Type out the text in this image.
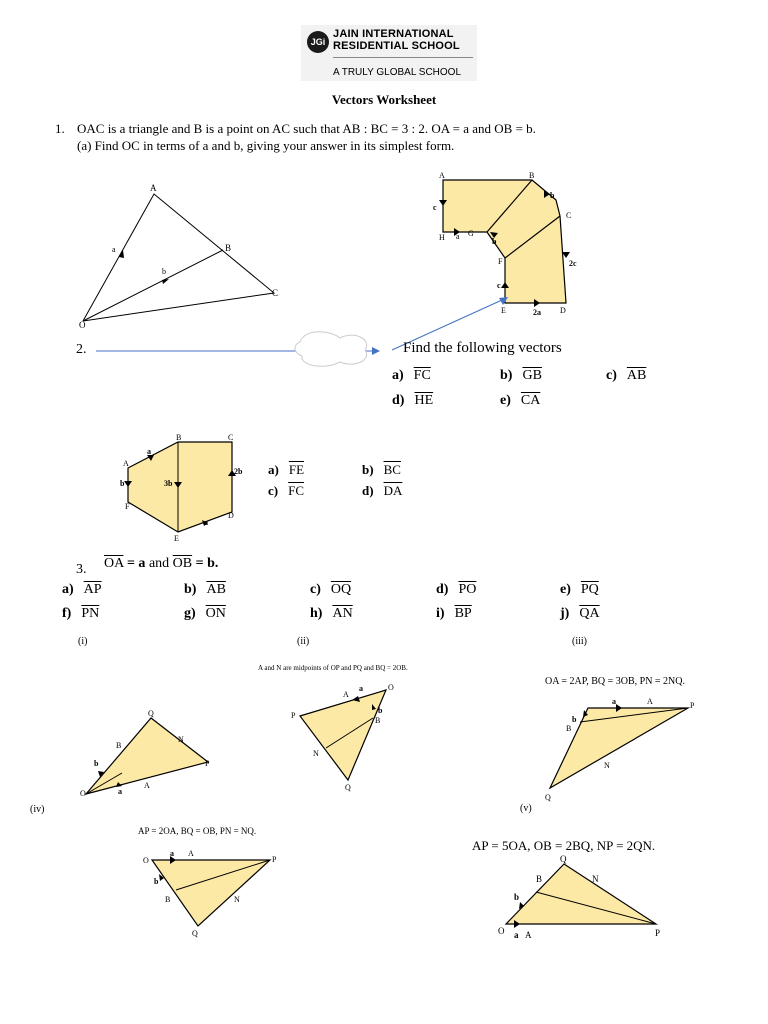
JGi
JAIN INTERNATIONAL
RESIDENTIAL SCHOOL
A TRULY GLOBAL SCHOOL
Vectors Worksheet
1. OAC is a triangle and B is a point on AC such that AB : BC = 3 : 2. OA = a and OB = b.
(a) Find OC in terms of a and b, giving your answer in its simplest form.
A
B
C
O
a
b
A	B
C
D
E
F
G
H a
b
b
c
c
2c
2a
2.	Find the following vectors
a) $\overline{FC}$	b) $\overline{GB}$	c) $\overline{AB}$
d) $\overline{HE}$	e) $\overline{CA}$
B	C
D
E
F
A
a
a
b	3b
2b a) $\overline{FE}$	b) $\overline{BC}$
c) $\overline{FC}$	d) $\overline{DA}$
3. $\overline{OA} = a$ and $\overline{OB} = b$.
a) $\overline{AP}$	b) $\overline{AB}$	c) $\overline{OQ}$	d) $\overline{PO}$	e) $\overline{PQ}$
f) $\overline{PN}$	g) $\overline{ON}$	h) $\overline{AN}$	i) $\overline{BP}$	j) $\overline{QA}$
(i)	(ii)	(iii)
A and N are midpoints of OP and PQ and BQ = 2OB.
OA = 2AP, BQ = 3OB, PN = 2NQ.
(iv)	(v)
AP = 2OA, BQ = OB, PN = NQ.
AP = 5OA, OB = 2BQ, NP = 2QN.
Q
B
N
P
O
A
b
a
P
O
A
B
N
Q
a
b
A	P
B
N
Q
a
b
O
A
P
B	N
Q
a
b
O A	P
Q
B	N
a
b
